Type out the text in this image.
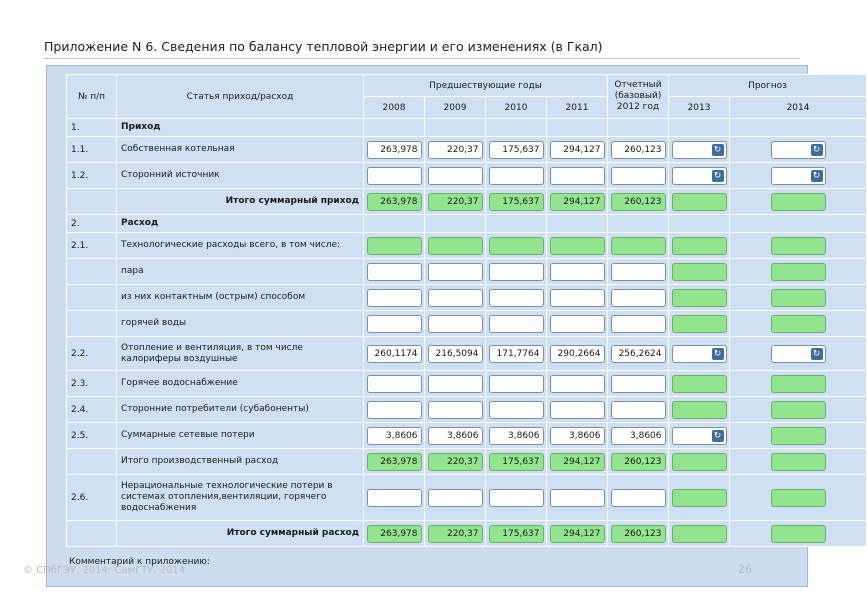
Приложение N 6. Сведения по балансу тепловой энергии и его изменениях (в Гкал)
№ п/п	Статья приход/расход	Предшествующие годы				Отчетный (базовый) 2012 год	Прогноз		
		2008	2009	2010	2011		2013	2014	
1.	Приход								
1.1.	Собственная котельная	263,978	220,37	175,637	294,127	260,123	↻	↻	

1.2.	Сторонний источник						↻	↻	

	Итого суммарный приход	263,978	220,37	175,637	294,127	260,123			

2.	Расход								
2.1.	Технологические расходы всего, в том числе:	

	пара	

	из них контактным (острым) способом	

	горячей воды	

2.2.	Отопление и вентиляция, в том числе калориферы воздушные	260,1174	216,5094	171,7764	290,2664	256,2624	↻	↻	

2.3.	Горячее водоснабжение	

2.4.	Сторонние потребители (субабоненты)	

2.5.	Суммарные сетевые потери	3,8606	3,8606	3,8606	3,8606	3,8606	↻		

	Итого производственный расход	263,978	220,37	175,637	294,127	260,123			

2.6.	Нерациональные технологические потери в системах отопления,вентиляции, горячего водоснабжения	

	Итого суммарный расход	263,978	220,37	175,637	294,127	260,123			

Комментарий к приложению:
© СПбГЭУ, 2014; СамГТУ, 2014	26
